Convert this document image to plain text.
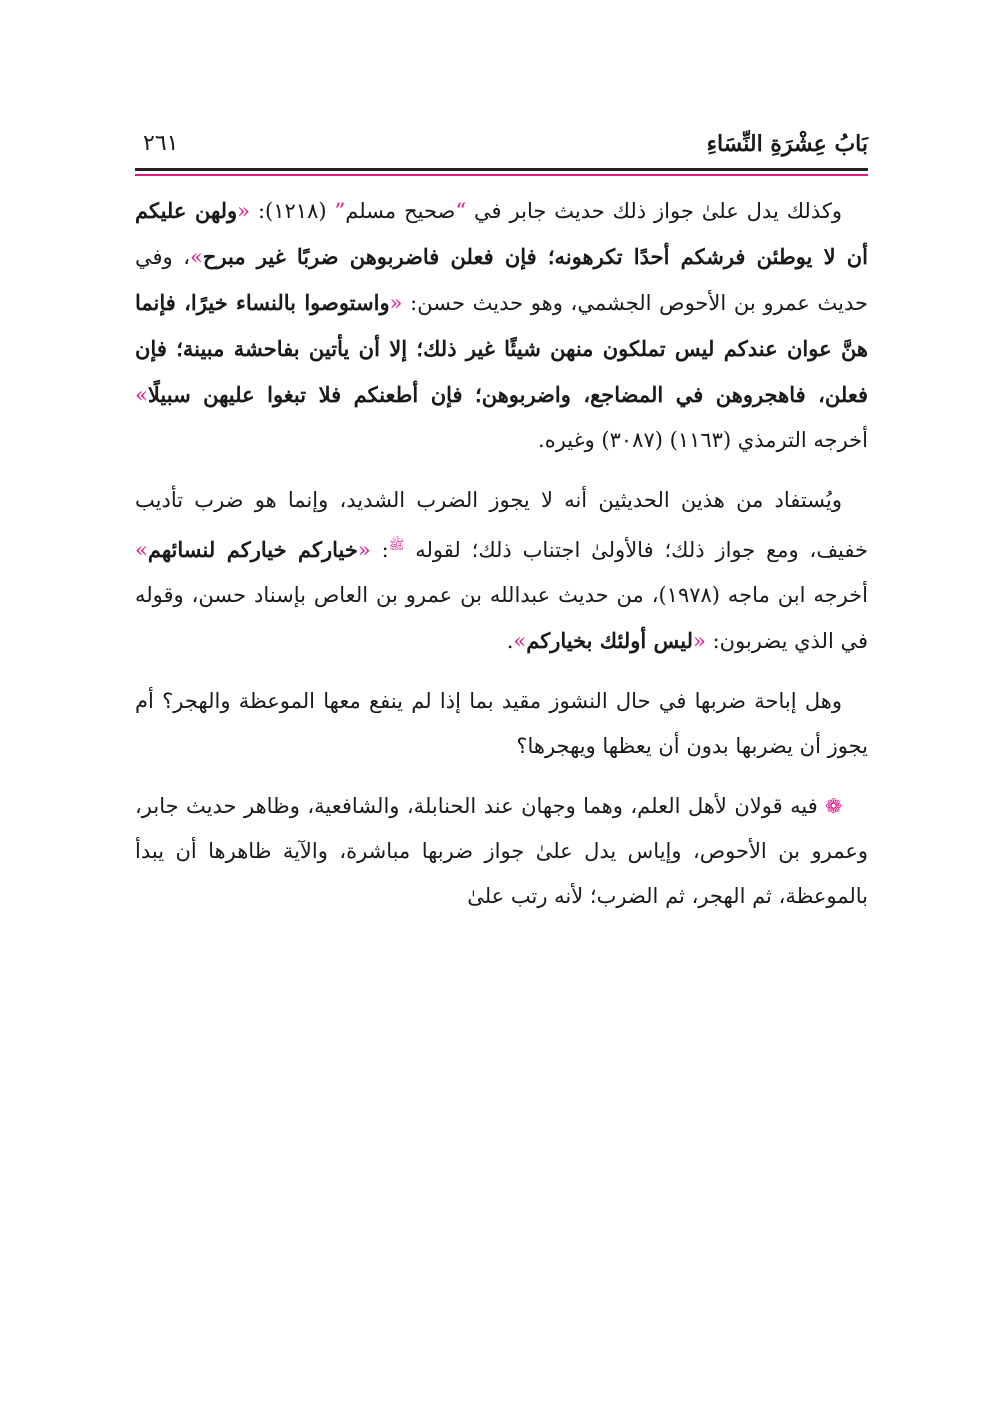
بَابُ عِشْرَةِ النِّسَاءِ
٢٦١

وكذلك يدل علىٰ جواز ذلك حديث جابر في “صحيح مسلم” (١٢١٨): «ولهن عليكم أن لا يوطئن فرشكم أحدًا تكرهونه؛ فإن فعلن فاضربوهن ضربًا غير مبرح»، وفي حديث عمرو بن الأحوص الجشمي، وهو حديث حسن: «واستوصوا بالنساء خيرًا، فإنما هنَّ عوان عندكم ليس تملكون منهن شيئًا غير ذلك؛ إلا أن يأتين بفاحشة مبينة؛ فإن فعلن، فاهجروهن في المضاجع، واضربوهن؛ فإن أطعنكم فلا تبغوا عليهن سبيلًا» أخرجه الترمذي (١١٦٣) (٣٠٨٧) وغيره.

ويُستفاد من هذين الحديثين أنه لا يجوز الضرب الشديد، وإنما هو ضرب تأديب خفيف، ومع جواز ذلك؛ فالأولىٰ اجتناب ذلك؛ لقوله $^ﷺ$: «خياركم خياركم لنسائهم» أخرجه ابن ماجه (١٩٧٨)، من حديث عبدالله بن عمرو بن العاص بإسناد حسن، وقوله في الذي يضربون: «ليس أولئك بخياركم».

وهل إباحة ضربها في حال النشوز مقيد بما إذا لم ينفع معها الموعظة والهجر؟ أم يجوز أن يضربها بدون أن يعظها ويهجرها؟

❁ فيه قولان لأهل العلم، وهما وجهان عند الحنابلة، والشافعية، وظاهر حديث جابر، وعمرو بن الأحوص، وإياس يدل علىٰ جواز ضربها مباشرة، والآية ظاهرها أن يبدأ بالموعظة، ثم الهجر، ثم الضرب؛ لأنه رتب علىٰ
